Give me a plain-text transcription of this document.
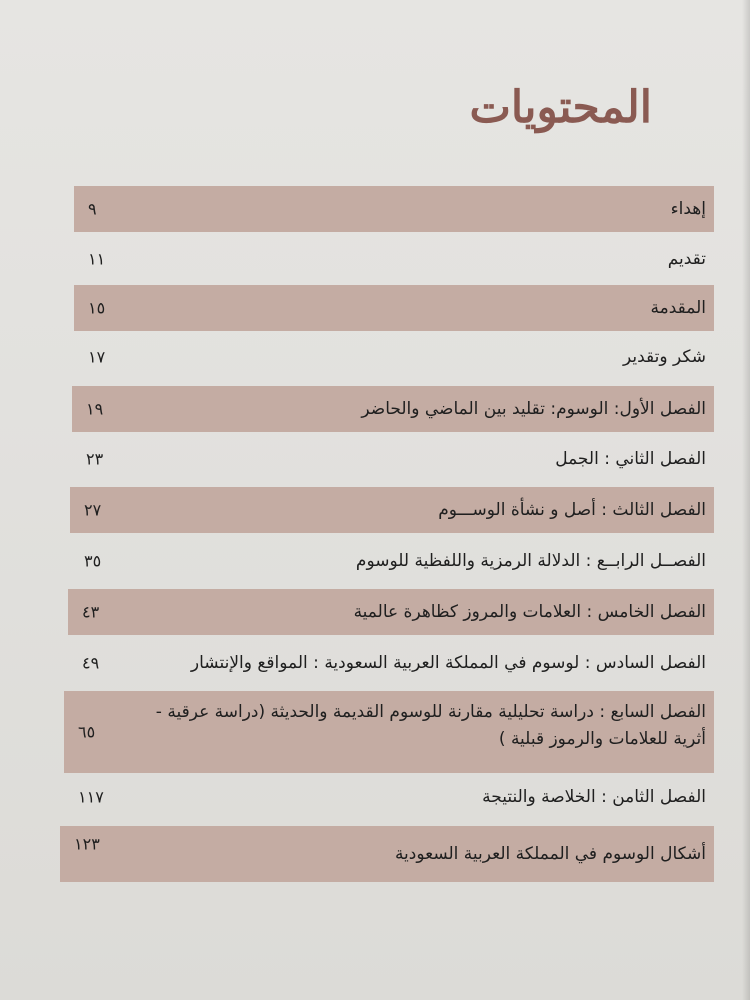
المحتويات
إهداء
٩
تقديم
١١
المقدمة
١٥
شكر وتقدير
١٧
الفصل الأول: الوسوم: تقليد بين الماضي والحاضر
١٩
الفصل الثاني : الجمل
٢٣
الفصل الثالث : أصل و نشأة الوســـوم
٢٧
الفصــل الرابــع : الدلالة الرمزية واللفظية للوسوم
٣٥
الفصل الخامس : العلامات والمروز كظاهرة عالمية
٤٣
الفصل السادس : لوسوم في المملكة العربية السعودية : المواقع والإنتشار
٤٩
الفصل السابع : دراسة تحليلية مقارنة للوسوم القديمة والحديثة (دراسة عرقية - أثرية للعلامات والرموز قبلية )
٦٥
الفصل الثامن : الخلاصة والنتيجة
١١٧
أشكال الوسوم في المملكة العربية السعودية
١٢٣
